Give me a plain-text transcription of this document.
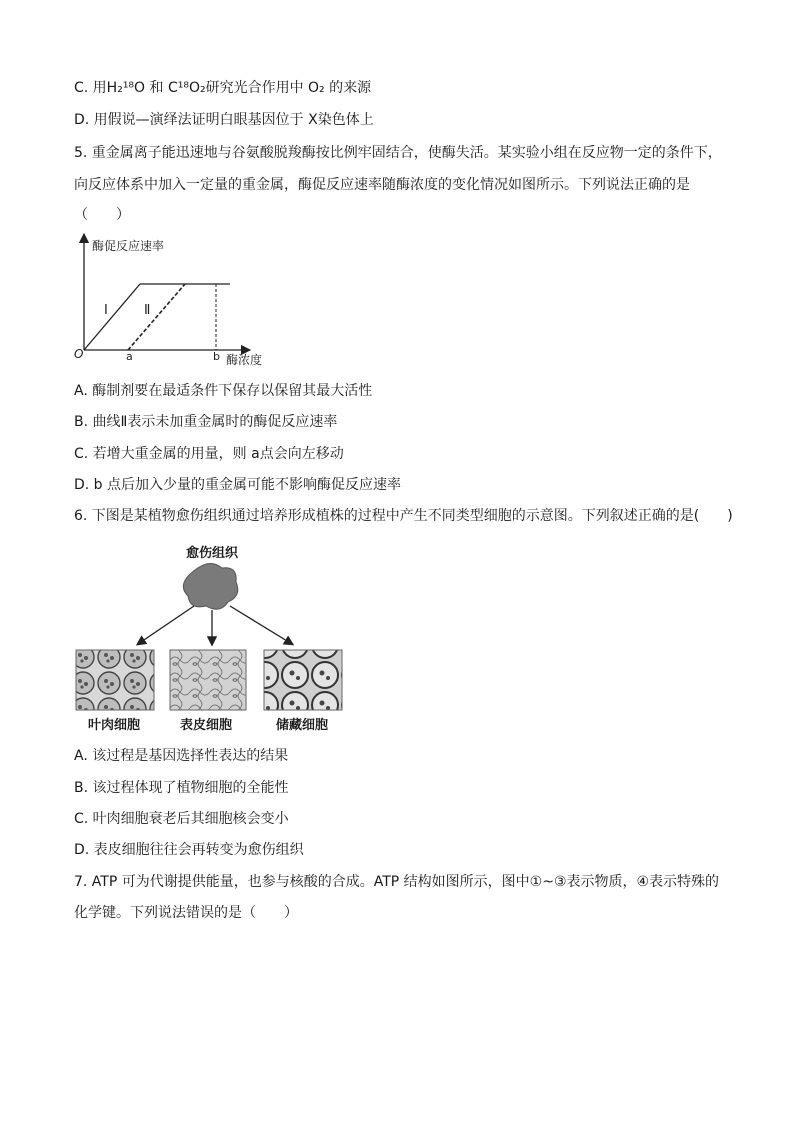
C. 用H₂¹⁸O 和 C¹⁸O₂研究光合作用中 O₂ 的来源
D. 用假说—演绎法证明白眼基因位于 X染色体上
5. 重金属离子能迅速地与谷氨酸脱羧酶按比例牢固结合，使酶失活。某实验小组在反应物一定的条件下，
向反应体系中加入一定量的重金属，酶促反应速率随酶浓度的变化情况如图所示。下列说法正确的是
（　　）
酶促反应速率
酶浓度
O
Ⅰ	Ⅱ
a	b
A. 酶制剂要在最适条件下保存以保留其最大活性
B. 曲线Ⅱ表示未加重金属时的酶促反应速率
C. 若增大重金属的用量，则 a点会向左移动
D. b 点后加入少量的重金属可能不影响酶促反应速率
6. 下图是某植物愈伤组织通过培养形成植株的过程中产生不同类型细胞的示意图。下列叙述正确的是(　　)
愈伤组织
叶肉细胞	表皮细胞	储藏细胞
A. 该过程是基因选择性表达的结果
B. 该过程体现了植物细胞的全能性
C. 叶肉细胞衰老后其细胞核会变小
D. 表皮细胞往往会再转变为愈伤组织
7. ATP 可为代谢提供能量，也参与核酸的合成。ATP 结构如图所示，图中①~③表示物质，④表示特殊的
化学键。下列说法错误的是（　　）
